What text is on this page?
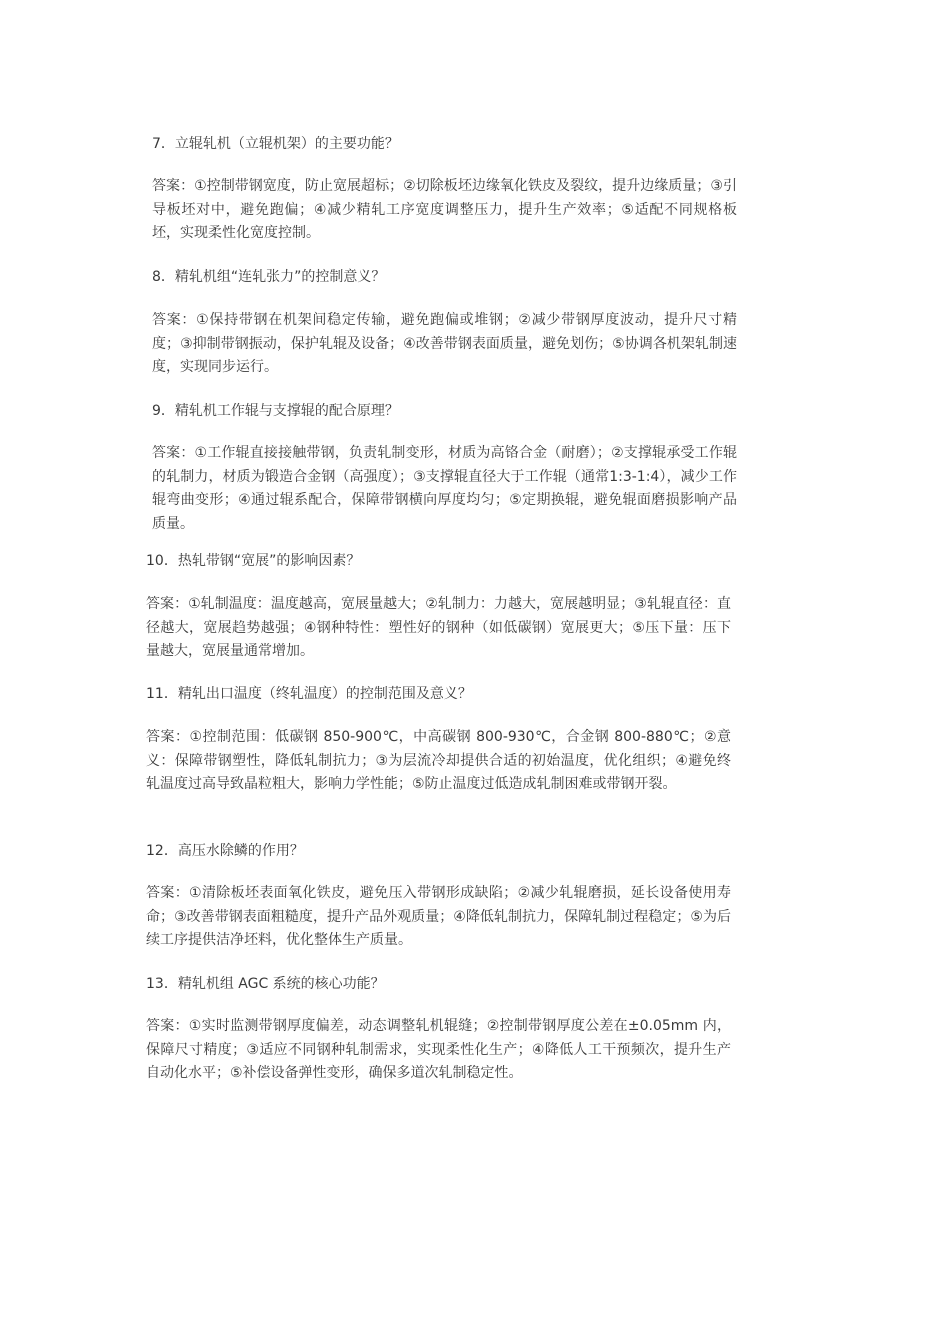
7．立辊轧机（立辊机架）的主要功能？

答案：①控制带钢宽度，防止宽展超标；②切除板坯边缘氧化铁皮及裂纹，提升边缘质量；③引导板坯对中，避免跑偏；④减少精轧工序宽度调整压力，提升生产效率；⑤适配不同规格板坯，实现柔性化宽度控制。

8．精轧机组“连轧张力”的控制意义？

答案：①保持带钢在机架间稳定传输，避免跑偏或堆钢；②减少带钢厚度波动，提升尺寸精度；③抑制带钢振动，保护轧辊及设备；④改善带钢表面质量，避免划伤；⑤协调各机架轧制速度，实现同步运行。

9．精轧机工作辊与支撑辊的配合原理？

答案：①工作辊直接接触带钢，负责轧制变形，材质为高铬合金（耐磨）；②支撑辊承受工作辊的轧制力，材质为锻造合金钢（高强度）；③支撑辊直径大于工作辊（通常1:3-1:4），减少工作辊弯曲变形；④通过辊系配合，保障带钢横向厚度均匀；⑤定期换辊，避免辊面磨损影响产品质量。

10．热轧带钢“宽展”的影响因素？

答案：①轧制温度：温度越高，宽展量越大；②轧制力：力越大，宽展越明显；③轧辊直径：直径越大，宽展趋势越强；④钢种特性：塑性好的钢种（如低碳钢）宽展更大；⑤压下量：压下量越大，宽展量通常增加。

11．精轧出口温度（终轧温度）的控制范围及意义？

答案：①控制范围：低碳钢 850-900℃，中高碳钢 800-930℃，合金钢 800-880℃；②意义：保障带钢塑性，降低轧制抗力；③为层流冷却提供合适的初始温度，优化组织；④避免终轧温度过高导致晶粒粗大，影响力学性能；⑤防止温度过低造成轧制困难或带钢开裂。

12．高压水除鳞的作用？

答案：①清除板坯表面氧化铁皮，避免压入带钢形成缺陷；②减少轧辊磨损，延长设备使用寿命；③改善带钢表面粗糙度，提升产品外观质量；④降低轧制抗力，保障轧制过程稳定；⑤为后续工序提供洁净坯料，优化整体生产质量。

13．精轧机组 AGC 系统的核心功能？

答案：①实时监测带钢厚度偏差，动态调整轧机辊缝；②控制带钢厚度公差在±0.05mm 内，保障尺寸精度；③适应不同钢种轧制需求，实现柔性化生产；④降低人工干预频次，提升生产自动化水平；⑤补偿设备弹性变形，确保多道次轧制稳定性。
